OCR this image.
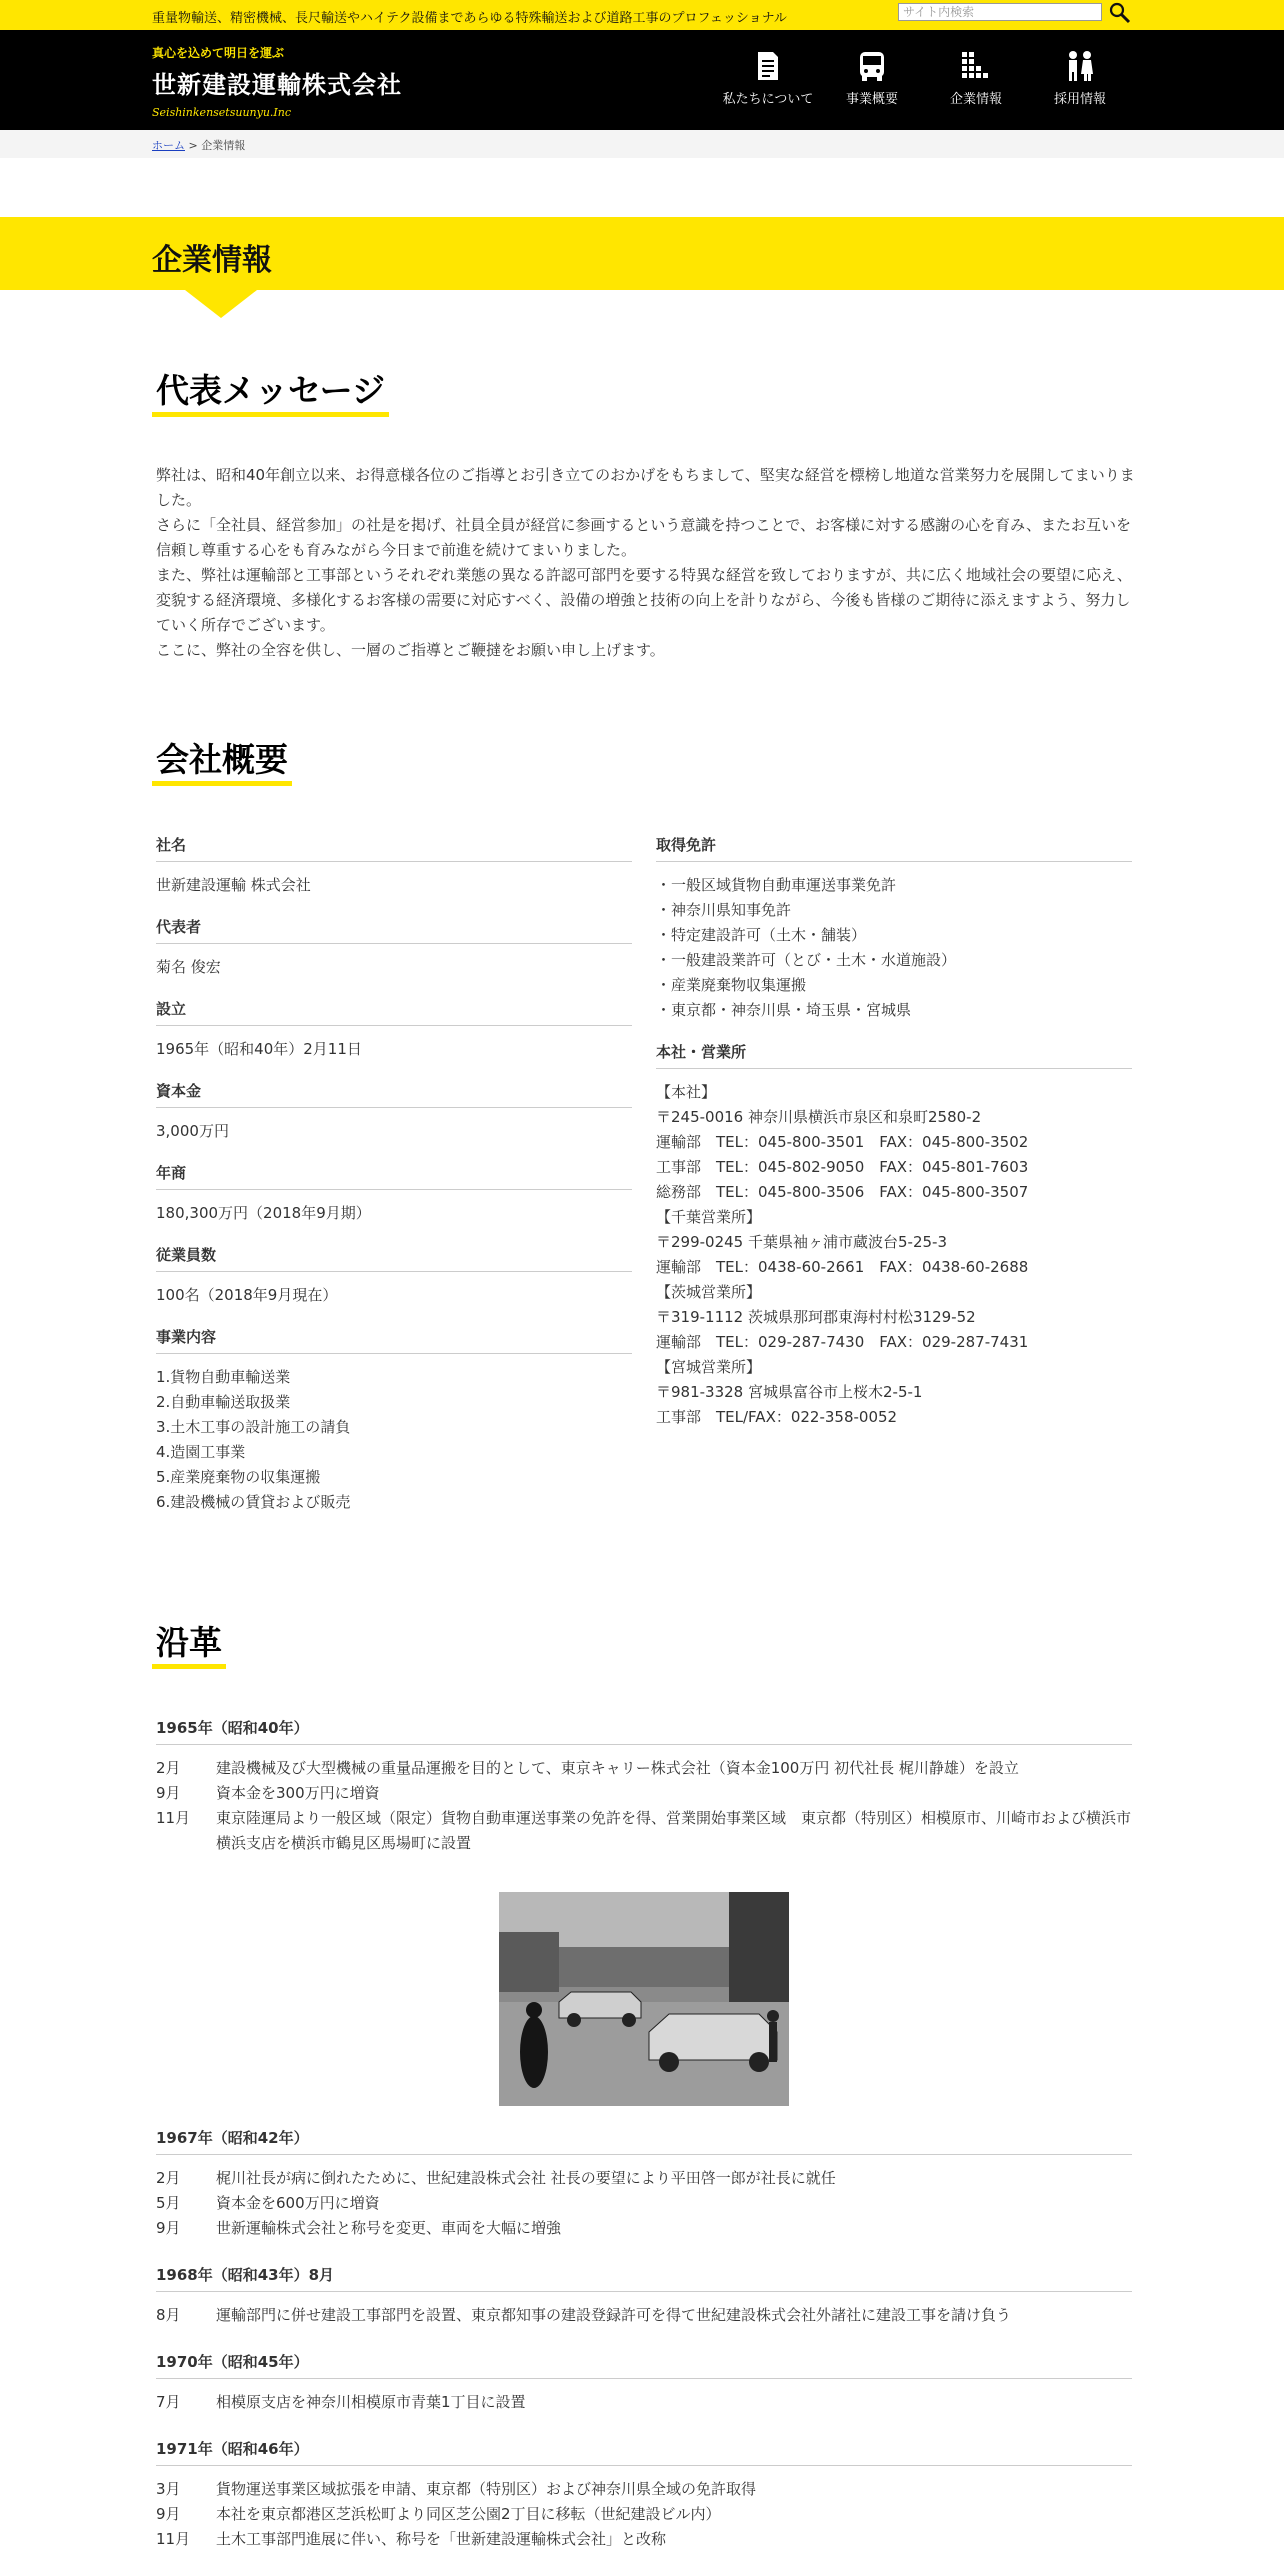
重量物輸送、精密機械、長尺輸送やハイテク設備まであらゆる特殊輸送および道路工事のプロフェッショナル
サイト内検索
真心を込めて明日を運ぶ
世新建設運輸株式会社
Seishinkensetsuunyu.Inc
私たちについて	事業概要	企業情報	採用情報
ホーム > 企業情報
企業情報
代表メッセージ

弊社は、昭和40年創立以来、お得意様各位のご指導とお引き立てのおかげをもちまして、堅実な経営を標榜し地道な営業努力を展開してまいりました。

さらに「全社員、経営参加」の社是を掲げ、社員全員が経営に参画するという意識を持つことで、お客様に対する感謝の心を育み、またお互いを信頼し尊重する心をも育みながら今日まで前進を続けてまいりました。

また、弊社は運輸部と工事部というそれぞれ業態の異なる許認可部門を要する特異な経営を致しておりますが、共に広く地域社会の要望に応え、変貌する経済環境、多様化するお客様の需要に対応すべく、設備の増強と技術の向上を計りながら、今後も皆様のご期待に添えますよう、努力していく所存でございます。

ここに、弊社の全容を供し、一層のご指導とご鞭撻をお願い申し上げます。

会社概要
社名
世新建設運輸 株式会社
代表者
菊名 俊宏
設立
1965年（昭和40年）2月11日
資本金
3,000万円
年商
180,300万円（2018年9月期）
従業員数
100名（2018年9月現在）
事業内容
1.貨物自動車輸送業
2.自動車輸送取扱業
3.土木工事の設計施工の請負
4.造園工事業
5.産業廃棄物の収集運搬
6.建設機械の賃貸および販売
取得免許
・一般区域貨物自動車運送事業免許
・神奈川県知事免許
・特定建設許可（土木・舗装）
・一般建設業許可（とび・土木・水道施設）
・産業廃棄物収集運搬
・東京都・神奈川県・埼玉県・宮城県
本社・営業所
【本社】
〒245-0016 神奈川県横浜市泉区和泉町2580-2
運輸部　TEL：045-800-3501　FAX：045-800-3502
工事部　TEL：045-802-9050　FAX：045-801-7603
総務部　TEL：045-800-3506　FAX：045-800-3507
【千葉営業所】
〒299-0245 千葉県袖ヶ浦市蔵波台5-25-3
運輸部　TEL：0438-60-2661　FAX：0438-60-2688
【茨城営業所】
〒319-1112 茨城県那珂郡東海村村松3129-52
運輸部　TEL：029-287-7430　FAX：029-287-7431
【宮城営業所】
〒981-3328 宮城県富谷市上桜木2-5-1
工事部　TEL/FAX：022-358-0052
沿革
1965年（昭和40年）
2月	建設機械及び大型機械の重量品運搬を目的として、東京キャリー株式会社（資本金100万円 初代社長 梶川静雄）を設立
9月	資本金を300万円に増資
11月	東京陸運局より一般区域（限定）貨物自動車運送事業の免許を得、営業開始事業区域　東京都（特別区）相模原市、川崎市および横浜市横浜支店を横浜市鶴見区馬場町に設置
1967年（昭和42年）
2月	梶川社長が病に倒れたために、世紀建設株式会社 社長の要望により平田啓一郎が社長に就任
5月	資本金を600万円に増資
9月	世新運輸株式会社と称号を変更、車両を大幅に増強
1968年（昭和43年）8月
8月	運輸部門に併せ建設工事部門を設置、東京都知事の建設登録許可を得て世紀建設株式会社外諸社に建設工事を請け負う
1970年（昭和45年）
7月	相模原支店を神奈川相模原市青葉1丁目に設置
1971年（昭和46年）
3月	貨物運送事業区域拡張を申請、東京都（特別区）および神奈川県全域の免許取得
9月	本社を東京都港区芝浜松町より同区芝公園2丁目に移転（世紀建設ビル内）
11月	土木工事部門進展に伴い、称号を「世新建設運輸株式会社」と改称
